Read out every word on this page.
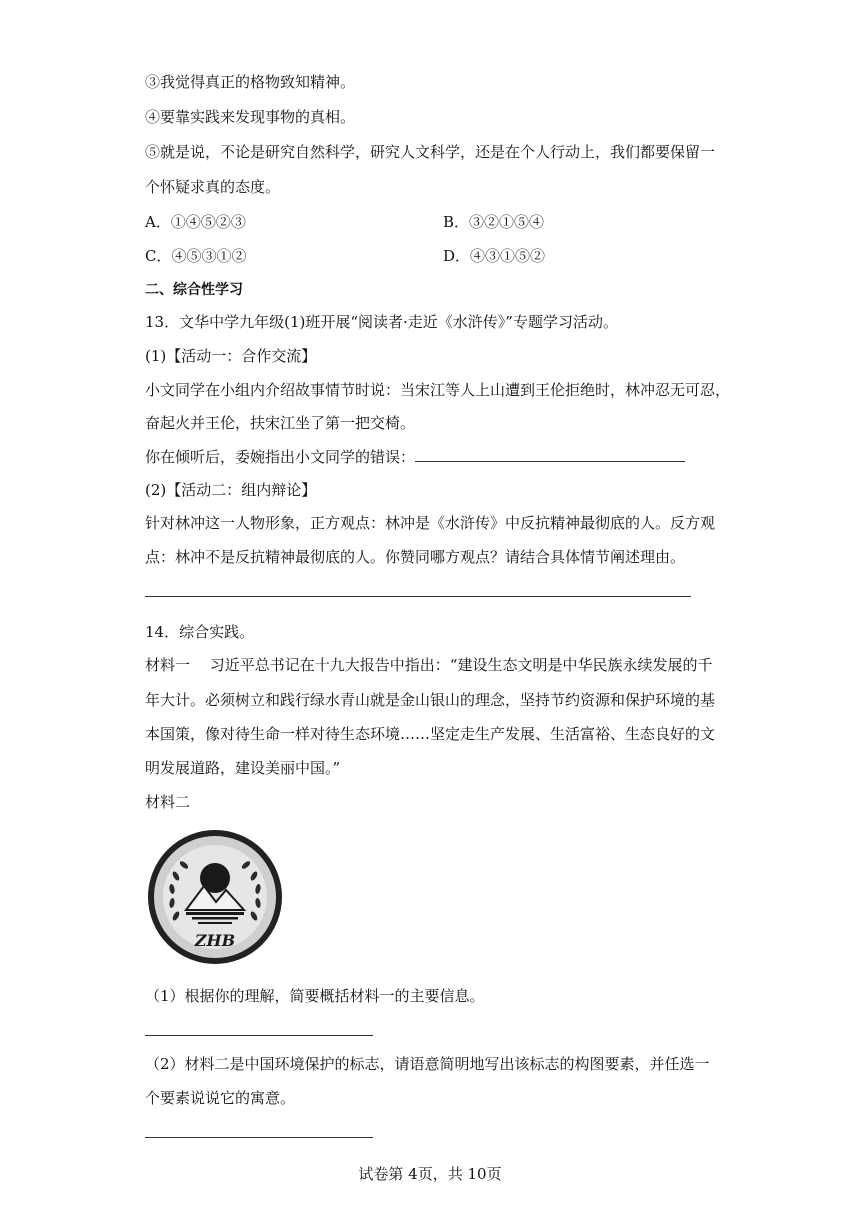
③我觉得真正的格物致知精神。
④要靠实践来发现事物的真相。
⑤就是说，不论是研究自然科学，研究人文科学，还是在个人行动上，我们都要保留一
个怀疑求真的态度。
A．①④⑤②③	B．③②①⑤④
C．④⑤③①②	D．④③①⑤②
二、综合性学习
13．文华中学九年级(1)班开展“阅读者·走近《水浒传》”专题学习活动。
(1)【活动一：合作交流】
小文同学在小组内介绍故事情节时说：当宋江等人上山遭到王伦拒绝时，林冲忍无可忍，
奋起火并王伦，扶宋江坐了第一把交椅。
你在倾听后，委婉指出小文同学的错误：
(2)【活动二：组内辩论】
针对林冲这一人物形象，正方观点：林冲是《水浒传》中反抗精神最彻底的人。反方观
点：林冲不是反抗精神最彻底的人。你赞同哪方观点？请结合具体情节阐述理由。
14．综合实践。
材料一　 习近平总书记在十九大报告中指出：“建设生态文明是中华民族永续发展的千
年大计。必须树立和践行绿水青山就是金山银山的理念，坚持节约资源和保护环境的基
本国策，像对待生命一样对待生态环境……坚定走生产发展、生活富裕、生态良好的文
明发展道路，建设美丽中国。”
材料二
ZHB
（1）根据你的理解，简要概括材料一的主要信息。
（2）材料二是中国环境保护的标志，请语意简明地写出该标志的构图要素，并任选一
个要素说说它的寓意。
试卷第 4页，共 10页
